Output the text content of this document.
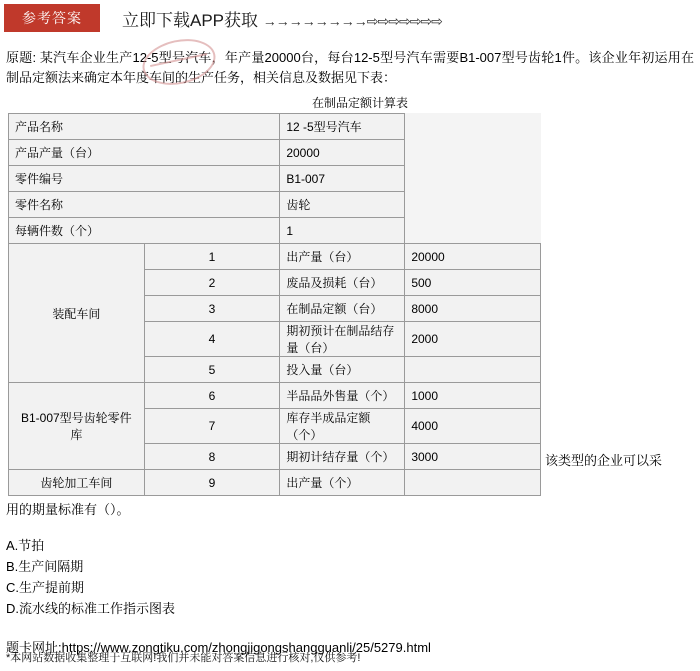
参考答案	立即下载APP获取 →→→→→→→→⇨⇨⇨⇨⇨⇨⇨
原题: 某汽车企业生产12-5型号汽车，年产量20000台，每台12-5型号汽车需要B1-007型号齿轮1件。该企业年初运用在制品定额法来确定本年度车间的生产任务，相关信息及数据见下表：
在制品定额计算表
产品名称		12 -5型号汽车	
产品产量（台）		20000	
零件编号		B1-007	
零件名称		齿轮	
每辆件数（个）		1	
装配车间	1	出产量（台）	20000
	2	废品及损耗（台）	500
	3	在制品定额（台）	8000
	4	期初预计在制品结存量（台）	2000
	5	投入量（台）	
B1-007型号齿轮零件库	6	半品品外售量（个）	1000
	7	库存半成品定额（个）	4000
	8	期初计结存量（个）	3000
齿轮加工车间	9	出产量（个）	
该类型的企业可以采
用的期量标准有（）。
A.节拍
B.生产间隔期
C.生产提前期
D.流水线的标准工作指示图表
题卡网址:https://www.zongtiku.com/zhongjigongshangguanli/25/5279.html
*本网站数据收集整理于互联网!我们并未能对答案信息进行核对,仅供参考!
